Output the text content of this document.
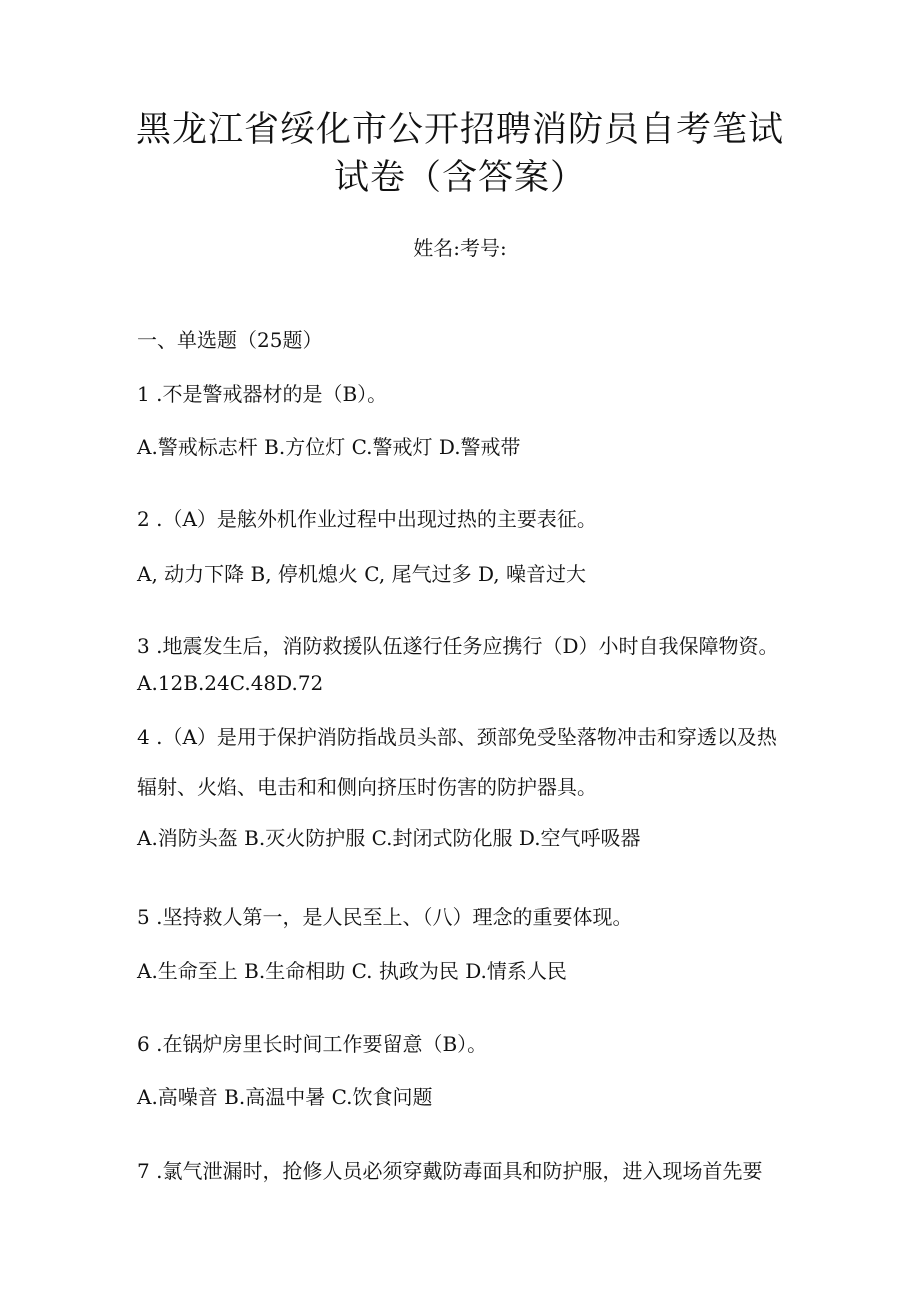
黑龙江省绥化市公开招聘消防员自考笔试
试卷（含答案）
姓名:考号:
一、单选题（25题）
1 .不是警戒器材的是（B）。
A.警戒标志杆 B.方位灯 C.警戒灯 D.警戒带
2 .（A）是舷外机作业过程中出现过热的主要表征。
A, 动力下降 B, 停机熄火 C, 尾气过多 D, 噪音过大
3 .地震发生后，消防救援队伍遂行任务应携行（D）小时自我保障物资。
A.12B.24C.48D.72
4 .（A）是用于保护消防指战员头部、颈部免受坠落物冲击和穿透以及热
辐射、火焰、电击和和侧向挤压时伤害的防护器具。
A.消防头盔 B.灭火防护服 C.封闭式防化服 D.空气呼吸器
5 .坚持救人第一，是人民至上、（八）理念的重要体现。
A.生命至上 B.生命相助 C. 执政为民 D.情系人民
6 .在锅炉房里长时间工作要留意（B）。
A.高噪音 B.高温中暑 C.饮食问题
7 .氯气泄漏时，抢修人员必须穿戴防毒面具和防护服，进入现场首先要
